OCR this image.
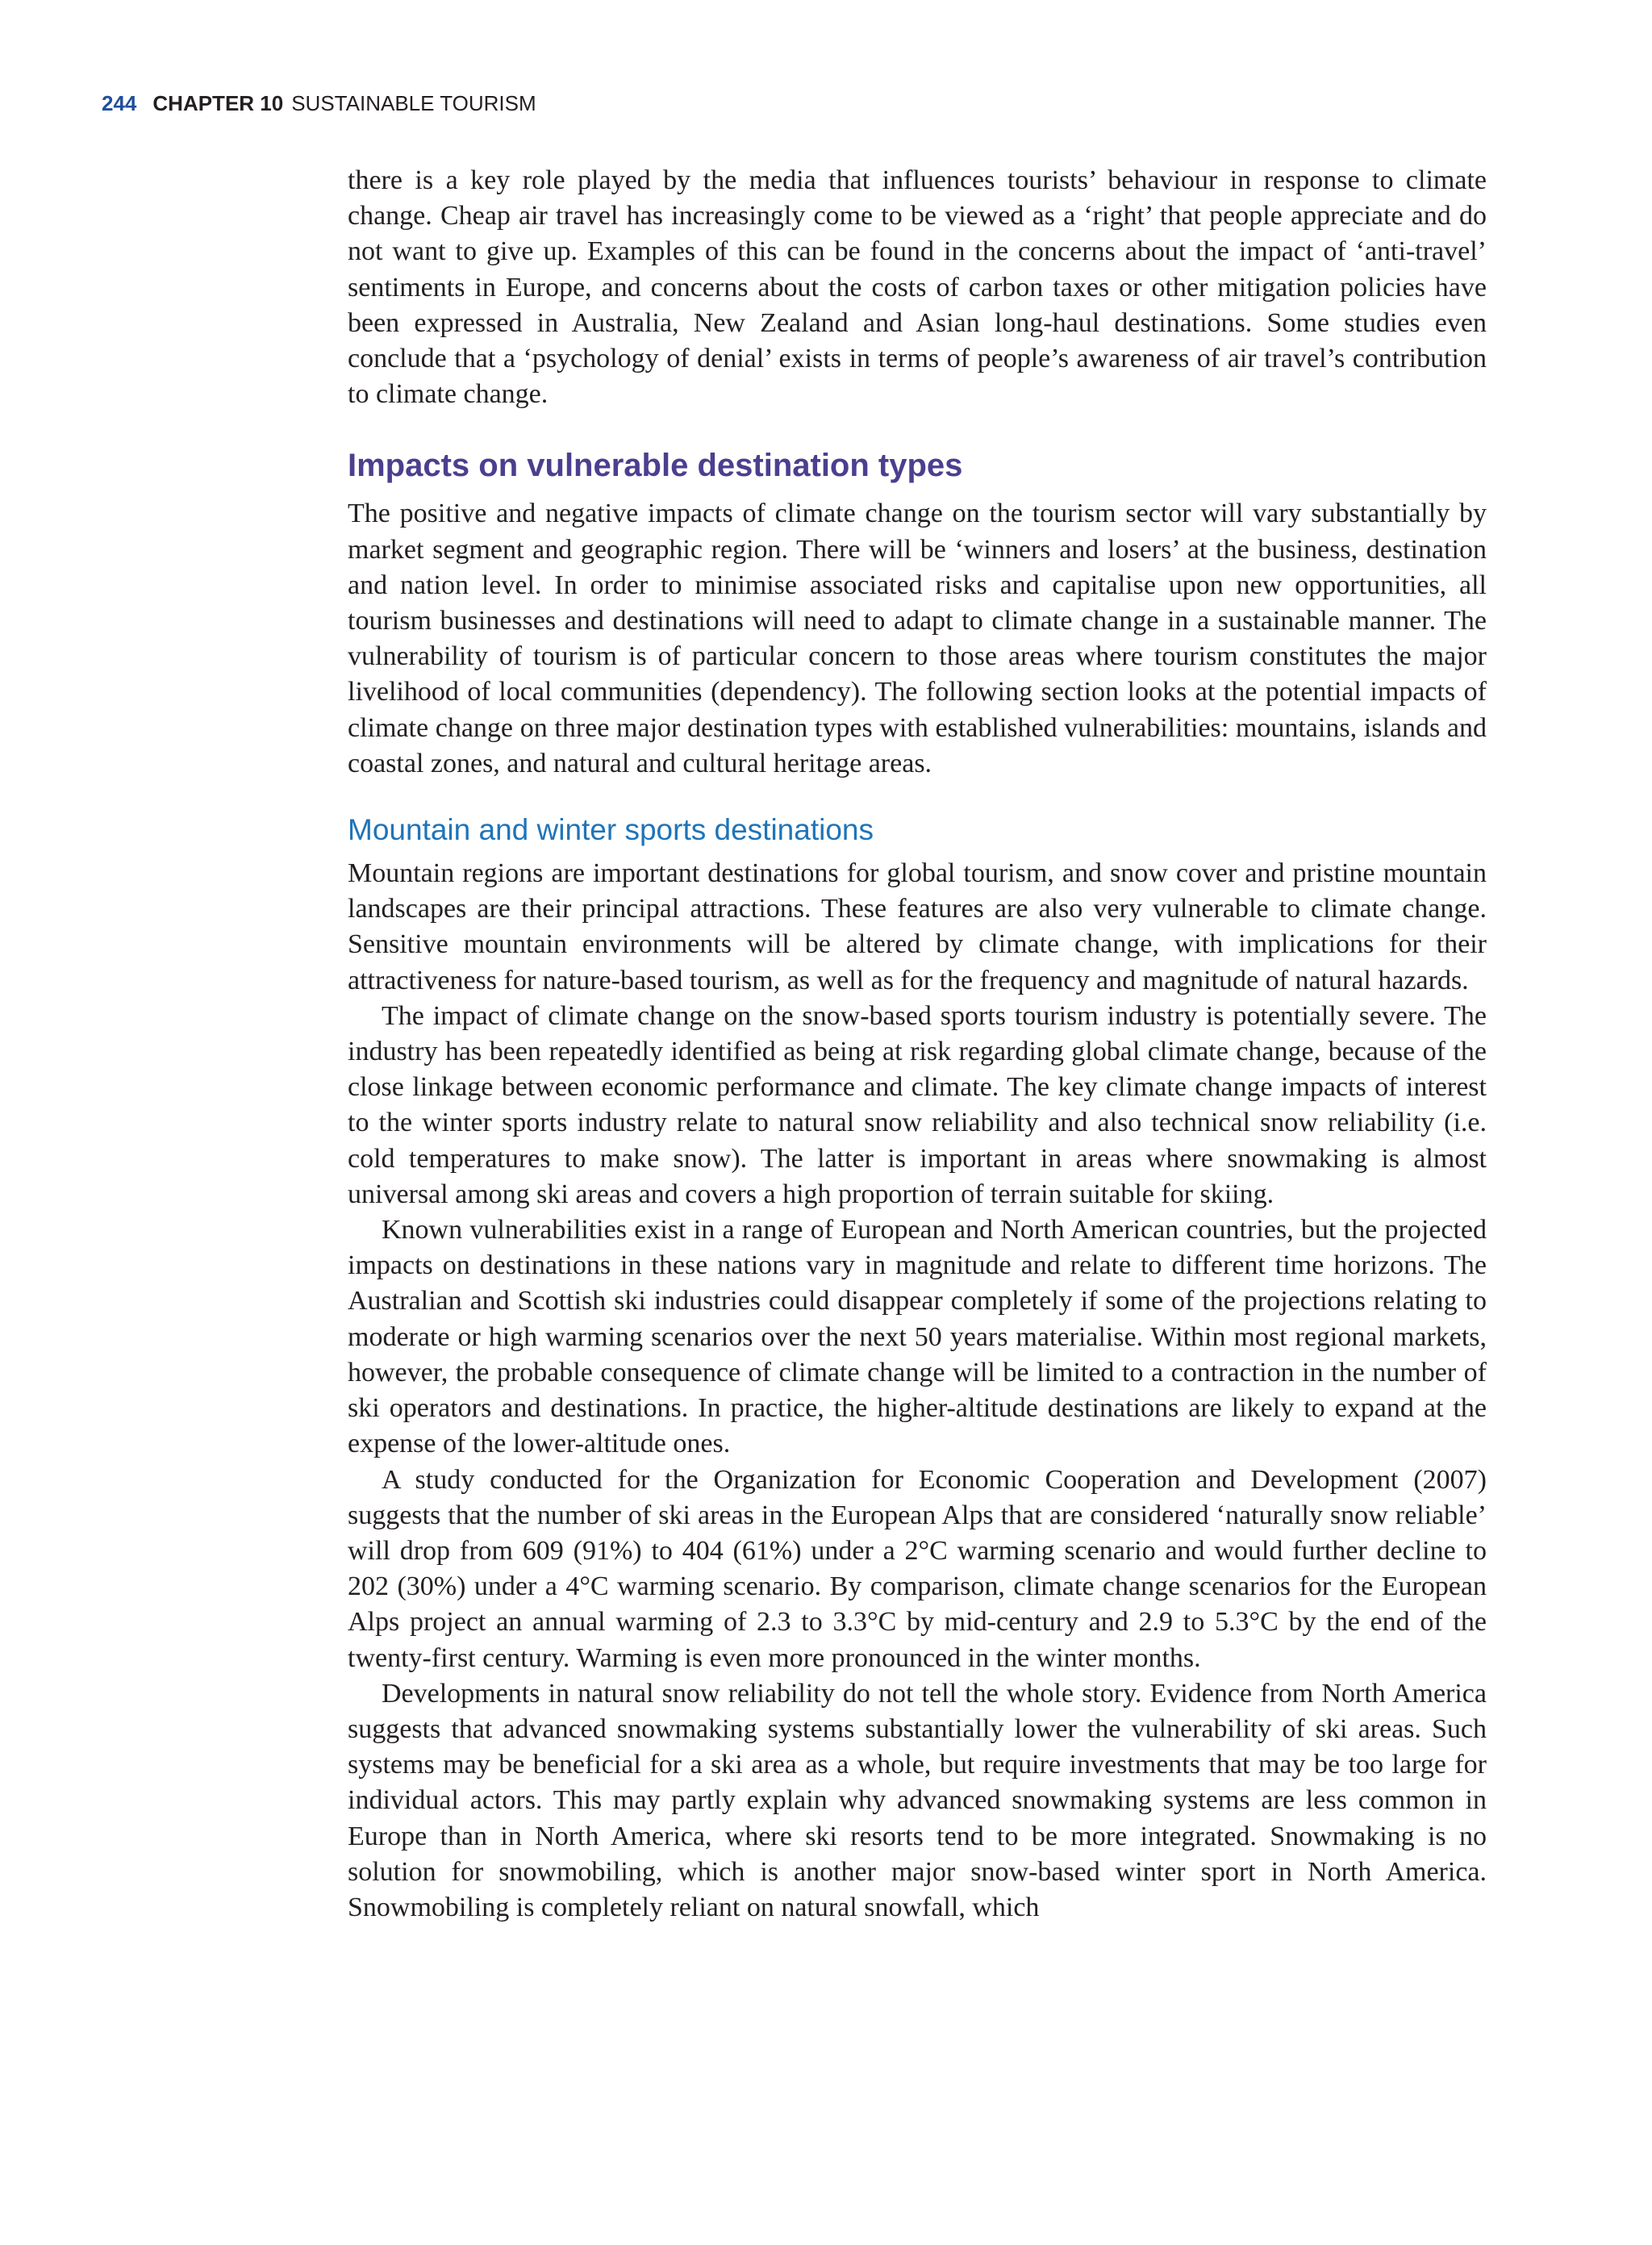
244 CHAPTER 10 SUSTAINABLE TOURISM

there is a key role played by the media that influences tourists’ behaviour in response to climate change. Cheap air travel has increasingly come to be viewed as a ‘right’ that people appreciate and do not want to give up. Examples of this can be found in the concerns about the impact of ‘anti-travel’ sentiments in Europe, and concerns about the costs of carbon taxes or other mitigation policies have been expressed in Australia, New Zealand and Asian long-haul destinations. Some studies even conclude that a ‘psychology of denial’ exists in terms of people’s awareness of air travel’s contribution to climate change.

Impacts on vulnerable destination types

The positive and negative impacts of climate change on the tourism sector will vary substantially by market segment and geographic region. There will be ‘winners and losers’ at the business, destination and nation level. In order to minimise associated risks and capitalise upon new opportunities, all tourism businesses and destinations will need to adapt to climate change in a sustainable manner. The vulnerability of tourism is of particular concern to those areas where tourism constitutes the major livelihood of local communities (dependency). The following section looks at the potential impacts of climate change on three major destination types with established vulnerabilities: mountains, islands and coastal zones, and natural and cultural heritage areas.

Mountain and winter sports destinations

Mountain regions are important destinations for global tourism, and snow cover and pristine mountain landscapes are their principal attractions. These features are also very vulnerable to climate change. Sensitive mountain environments will be altered by climate change, with implications for their attractiveness for nature-based tourism, as well as for the frequency and magnitude of natural hazards.

The impact of climate change on the snow-based sports tourism industry is potentially severe. The industry has been repeatedly identified as being at risk regarding global climate change, because of the close linkage between economic performance and climate. The key climate change impacts of interest to the winter sports industry relate to natural snow reliability and also technical snow reliability (i.e. cold temperatures to make snow). The latter is important in areas where snowmaking is almost universal among ski areas and covers a high proportion of terrain suitable for skiing.

Known vulnerabilities exist in a range of European and North American countries, but the projected impacts on destinations in these nations vary in magnitude and relate to different time horizons. The Australian and Scottish ski industries could disappear completely if some of the projections relating to moderate or high warming scenarios over the next 50 years materialise. Within most regional markets, however, the probable consequence of climate change will be limited to a contraction in the number of ski operators and destinations. In practice, the higher-altitude destinations are likely to expand at the expense of the lower-altitude ones.

A study conducted for the Organization for Economic Cooperation and Development (2007) suggests that the number of ski areas in the European Alps that are considered ‘naturally snow reliable’ will drop from 609 (91%) to 404 (61%) under a 2°C warming scenario and would further decline to 202 (30%) under a 4°C warming scenario. By comparison, climate change scenarios for the European Alps project an annual warming of 2.3 to 3.3°C by mid-century and 2.9 to 5.3°C by the end of the twenty-first century. Warming is even more pronounced in the winter months.

Developments in natural snow reliability do not tell the whole story. Evidence from North America suggests that advanced snowmaking systems substantially lower the vulnerability of ski areas. Such systems may be beneficial for a ski area as a whole, but require investments that may be too large for individual actors. This may partly explain why advanced snowmaking systems are less common in Europe than in North America, where ski resorts tend to be more integrated. Snowmaking is no solution for snowmobiling, which is another major snow-based winter sport in North America. Snowmobiling is completely reliant on natural snowfall, which
